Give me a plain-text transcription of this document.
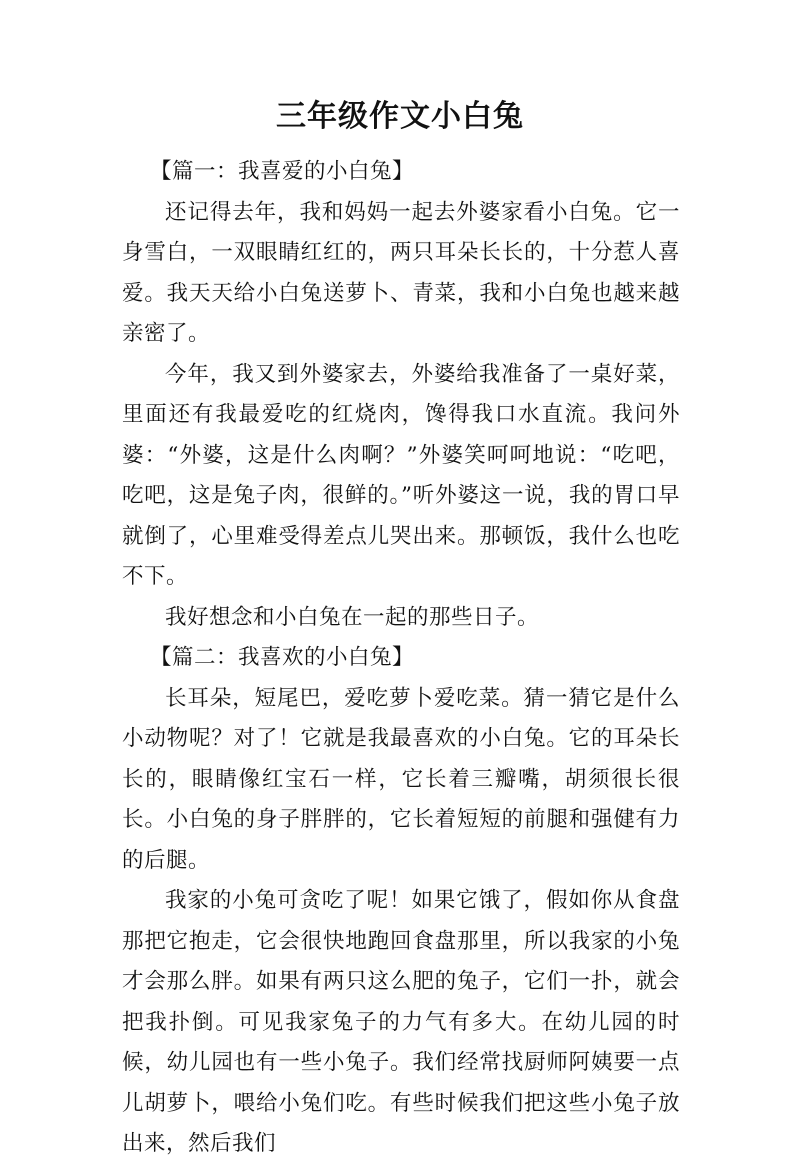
三年级作文小白兔

【篇一：我喜爱的小白兔】

还记得去年，我和妈妈一起去外婆家看小白兔。它一身雪白，一双眼睛红红的，两只耳朵长长的，十分惹人喜爱。我天天给小白兔送萝卜、青菜，我和小白兔也越来越亲密了。

今年，我又到外婆家去，外婆给我准备了一桌好菜，里面还有我最爱吃的红烧肉，馋得我口水直流。我问外婆：“外婆，这是什么肉啊？”外婆笑呵呵地说：“吃吧，吃吧，这是兔子肉，很鲜的。”听外婆这一说，我的胃口早就倒了，心里难受得差点儿哭出来。那顿饭，我什么也吃不下。

我好想念和小白兔在一起的那些日子。

【篇二：我喜欢的小白兔】

长耳朵，短尾巴，爱吃萝卜爱吃菜。猜一猜它是什么小动物呢？对了！它就是我最喜欢的小白兔。它的耳朵长长的，眼睛像红宝石一样，它长着三瓣嘴，胡须很长很长。小白兔的身子胖胖的，它长着短短的前腿和强健有力的后腿。

我家的小兔可贪吃了呢！如果它饿了，假如你从食盘那把它抱走，它会很快地跑回食盘那里，所以我家的小兔才会那么胖。如果有两只这么肥的兔子，它们一扑，就会把我扑倒。可见我家兔子的力气有多大。在幼儿园的时候，幼儿园也有一些小兔子。我们经常找厨师阿姨要一点儿胡萝卜，喂给小兔们吃。有些时候我们把这些小兔子放出来，然后我们
